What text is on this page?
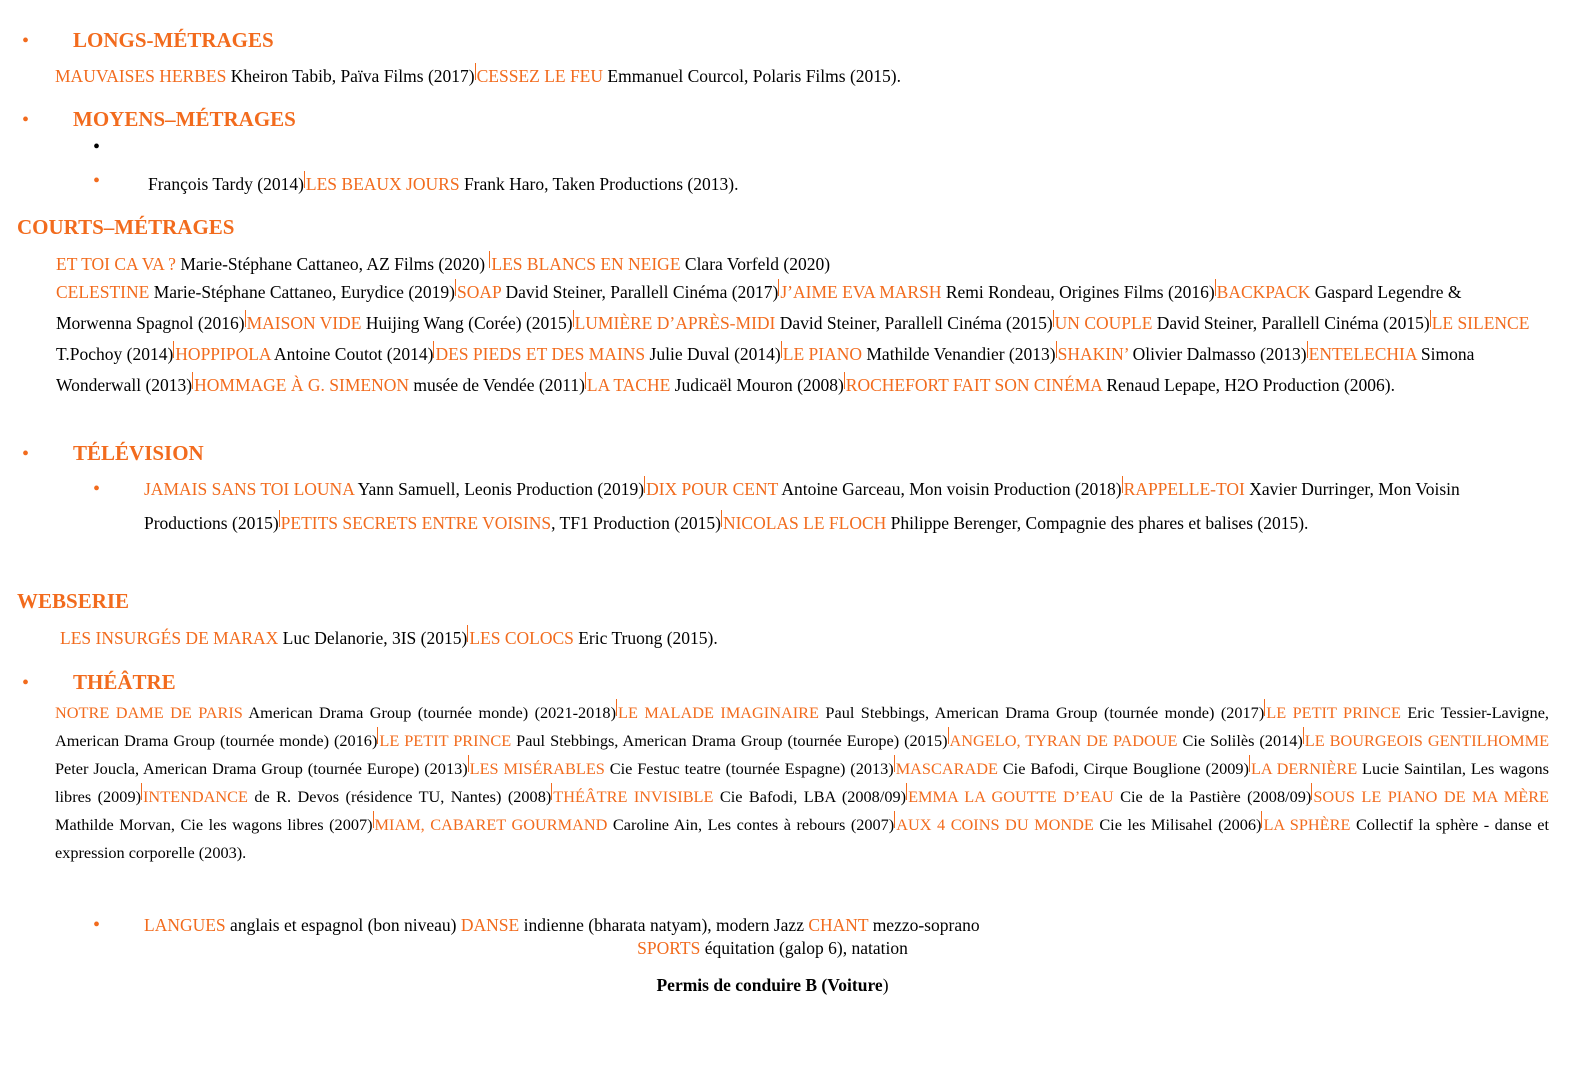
• LONGS-MÉTRAGES
MAUVAISES HERBES Kheiron Tabib, Païva Films (2017) CESSEZ LE FEU Emmanuel Courcol, Polaris Films (2015).
• MOYENS–MÉTRAGES
•
•	François Tardy (2014) LES BEAUX JOURS Frank Haro, Taken Productions (2013).
COURTS–MÉTRAGES
ET TOI CA VA ? Marie-Stéphane Cattaneo, AZ Films (2020) LES BLANCS EN NEIGE Clara Vorfeld (2020)
CELESTINE Marie-Stéphane Cattaneo, Eurydice (2019) SOAP David Steiner, Parallell Cinéma (2017) J’AIME EVA MARSH Remi Rondeau, Origines Films (2016) BACKPACK Gaspard Legendre & Morwenna Spagnol (2016) MAISON VIDE Huijing Wang (Corée) (2015) LUMIÈRE D’APRÈS-MIDI David Steiner, Parallell Cinéma (2015) UN COUPLE David Steiner, Parallell Cinéma (2015) LE SILENCE T.Pochoy (2014) HOPPIPOLA Antoine Coutot (2014) DES PIEDS ET DES MAINS Julie Duval (2014) LE PIANO Mathilde Venandier (2013) SHAKIN’ Olivier Dalmasso (2013) ENTELECHIA Simona Wonderwall (2013) HOMMAGE À G. SIMENON musée de Vendée (2011) LA TACHE Judicaël Mouron (2008) ROCHEFORT FAIT SON CINÉMA Renaud Lepape, H2O Production (2006).
• TÉLÉVISION
•	JAMAIS SANS TOI LOUNA Yann Samuell, Leonis Production (2019) DIX POUR CENT Antoine Garceau, Mon voisin Production (2018) RAPPELLE-TOI Xavier Durringer, Mon Voisin Productions (2015) PETITS SECRETS ENTRE VOISINS, TF1 Production (2015) NICOLAS LE FLOCH Philippe Berenger, Compagnie des phares et balises (2015).
WEBSERIE
LES INSURGÉS DE MARAX Luc Delanorie, 3IS (2015) LES COLOCS Eric Truong (2015).
• THÉÂTRE
NOTRE DAME DE PARIS American Drama Group (tournée monde) (2021-2018) LE MALADE IMAGINAIRE Paul Stebbings, American Drama Group (tournée monde) (2017) LE PETIT PRINCE Eric Tessier-Lavigne, American Drama Group (tournée monde) (2016) LE PETIT PRINCE Paul Stebbings, American Drama Group (tournée Europe) (2015) ANGELO, TYRAN DE PADOUE Cie Solilès (2014) LE BOURGEOIS GENTILHOMME Peter Joucla, American Drama Group (tournée Europe) (2013) LES MISÉRABLES Cie Festuc teatre (tournée Espagne) (2013) MASCARADE Cie Bafodi, Cirque Bouglione (2009) LA DERNIÈRE Lucie Saintilan, Les wagons libres (2009) INTENDANCE de R. Devos (résidence TU, Nantes) (2008) THÉÂTRE INVISIBLE Cie Bafodi, LBA (2008/09) EMMA LA GOUTTE D’EAU Cie de la Pastière (2008/09) SOUS LE PIANO DE MA MÈRE Mathilde Morvan, Cie les wagons libres (2007) MIAM, CABARET GOURMAND Caroline Ain, Les contes à rebours (2007) AUX 4 COINS DU MONDE Cie les Milisahel (2006) LA SPHÈRE Collectif la sphère - danse et expression corporelle (2003).
•	LANGUES anglais et espagnol (bon niveau) DANSE indienne (bharata natyam), modern Jazz CHANT mezzo-soprano
SPORTS équitation (galop 6), natation
Permis de conduire B (Voiture)
